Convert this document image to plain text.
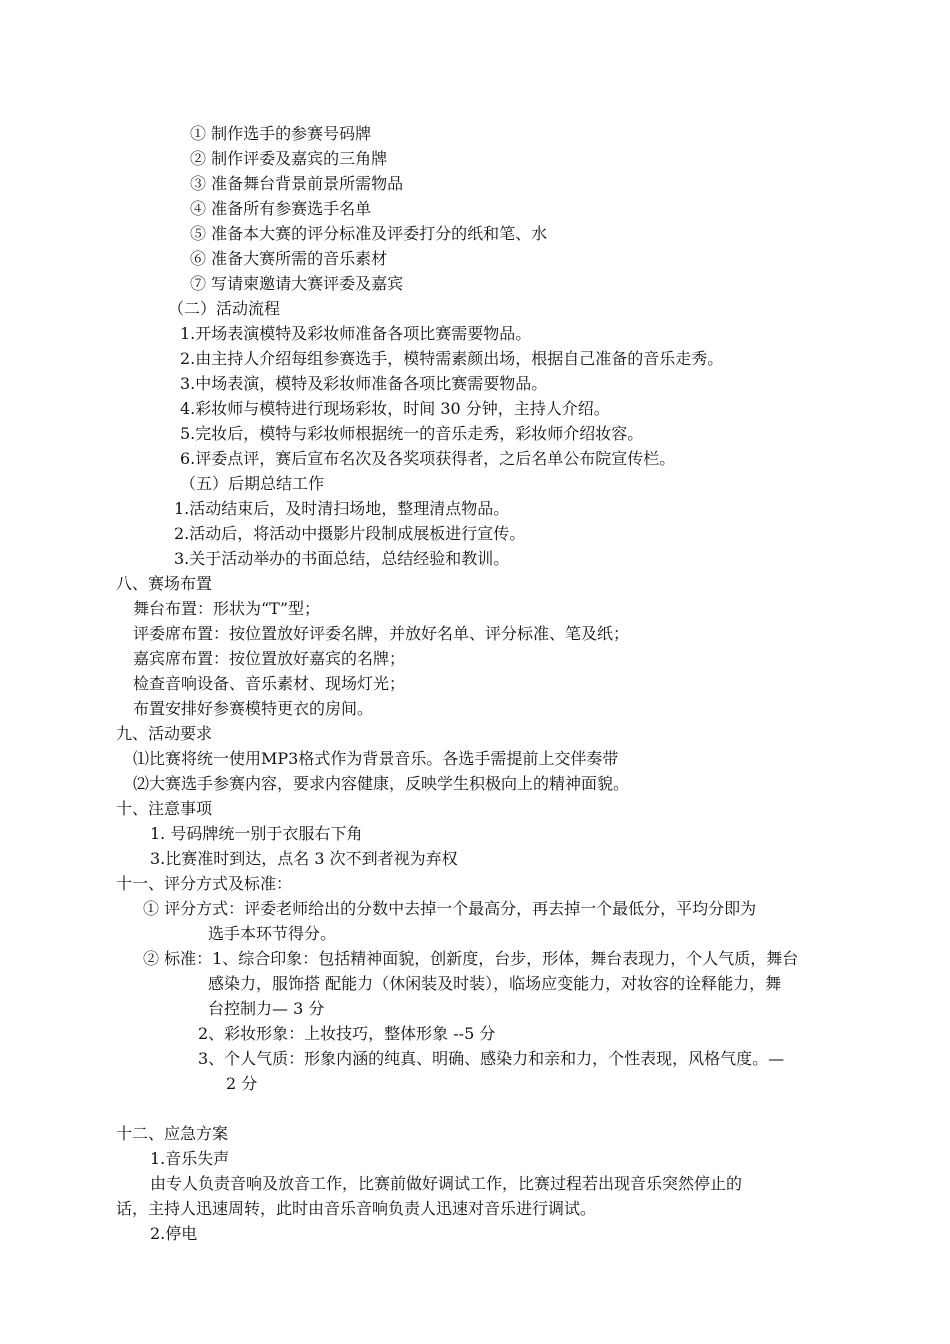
① 制作选手的参赛号码牌
② 制作评委及嘉宾的三角牌
③ 准备舞台背景前景所需物品
④ 准备所有参赛选手名单
⑤ 准备本大赛的评分标准及评委打分的纸和笔、水
⑥ 准备大赛所需的音乐素材
⑦ 写请柬邀请大赛评委及嘉宾
（二）活动流程
1.开场表演模特及彩妆师准备各项比赛需要物品。
2.由主持人介绍每组参赛选手，模特需素颜出场，根据自己准备的音乐走秀。
3.中场表演，模特及彩妆师准备各项比赛需要物品。
4.彩妆师与模特进行现场彩妆，时间 30 分钟，主持人介绍。
5.完妆后，模特与彩妆师根据统一的音乐走秀，彩妆师介绍妆容。
6.评委点评，赛后宣布名次及各奖项获得者，之后名单公布院宣传栏。
（五）后期总结工作
1.活动结束后，及时清扫场地，整理清点物品。
2.活动后，将活动中摄影片段制成展板进行宣传。
3.关于活动举办的书面总结，总结经验和教训。
八、赛场布置
舞台布置：形状为“T”型；
评委席布置：按位置放好评委名牌，并放好名单、评分标准、笔及纸；
嘉宾席布置：按位置放好嘉宾的名牌；
检查音响设备、音乐素材、现场灯光；
布置安排好参赛模特更衣的房间。
九、活动要求
⑴比赛将统一使用MP3格式作为背景音乐。各选手需提前上交伴奏带
⑵大赛选手参赛内容，要求内容健康，反映学生积极向上的精神面貌。
十、注意事项
1. 号码牌统一别于衣服右下角
3.比赛准时到达，点名 3 次不到者视为弃权
十一、评分方式及标准：
① 评分方式：评委老师给出的分数中去掉一个最高分，再去掉一个最低分，平均分即为
选手本环节得分。
② 标准：1、综合印象：包括精神面貌，创新度，台步，形体，舞台表现力，个人气质，舞台
感染力，服饰搭 配能力（休闲装及时装），临场应变能力，对妆容的诠释能力，舞
台控制力— 3 分
2、彩妆形象：上妆技巧，整体形象 --5 分
3、个人气质：形象内涵的纯真、明确、感染力和亲和力，个性表现，风格气度。—
2 分
十二、应急方案
1.音乐失声
由专人负责音响及放音工作，比赛前做好调试工作，比赛过程若出现音乐突然停止的
话，主持人迅速周转，此时由音乐音响负责人迅速对音乐进行调试。
2.停电
